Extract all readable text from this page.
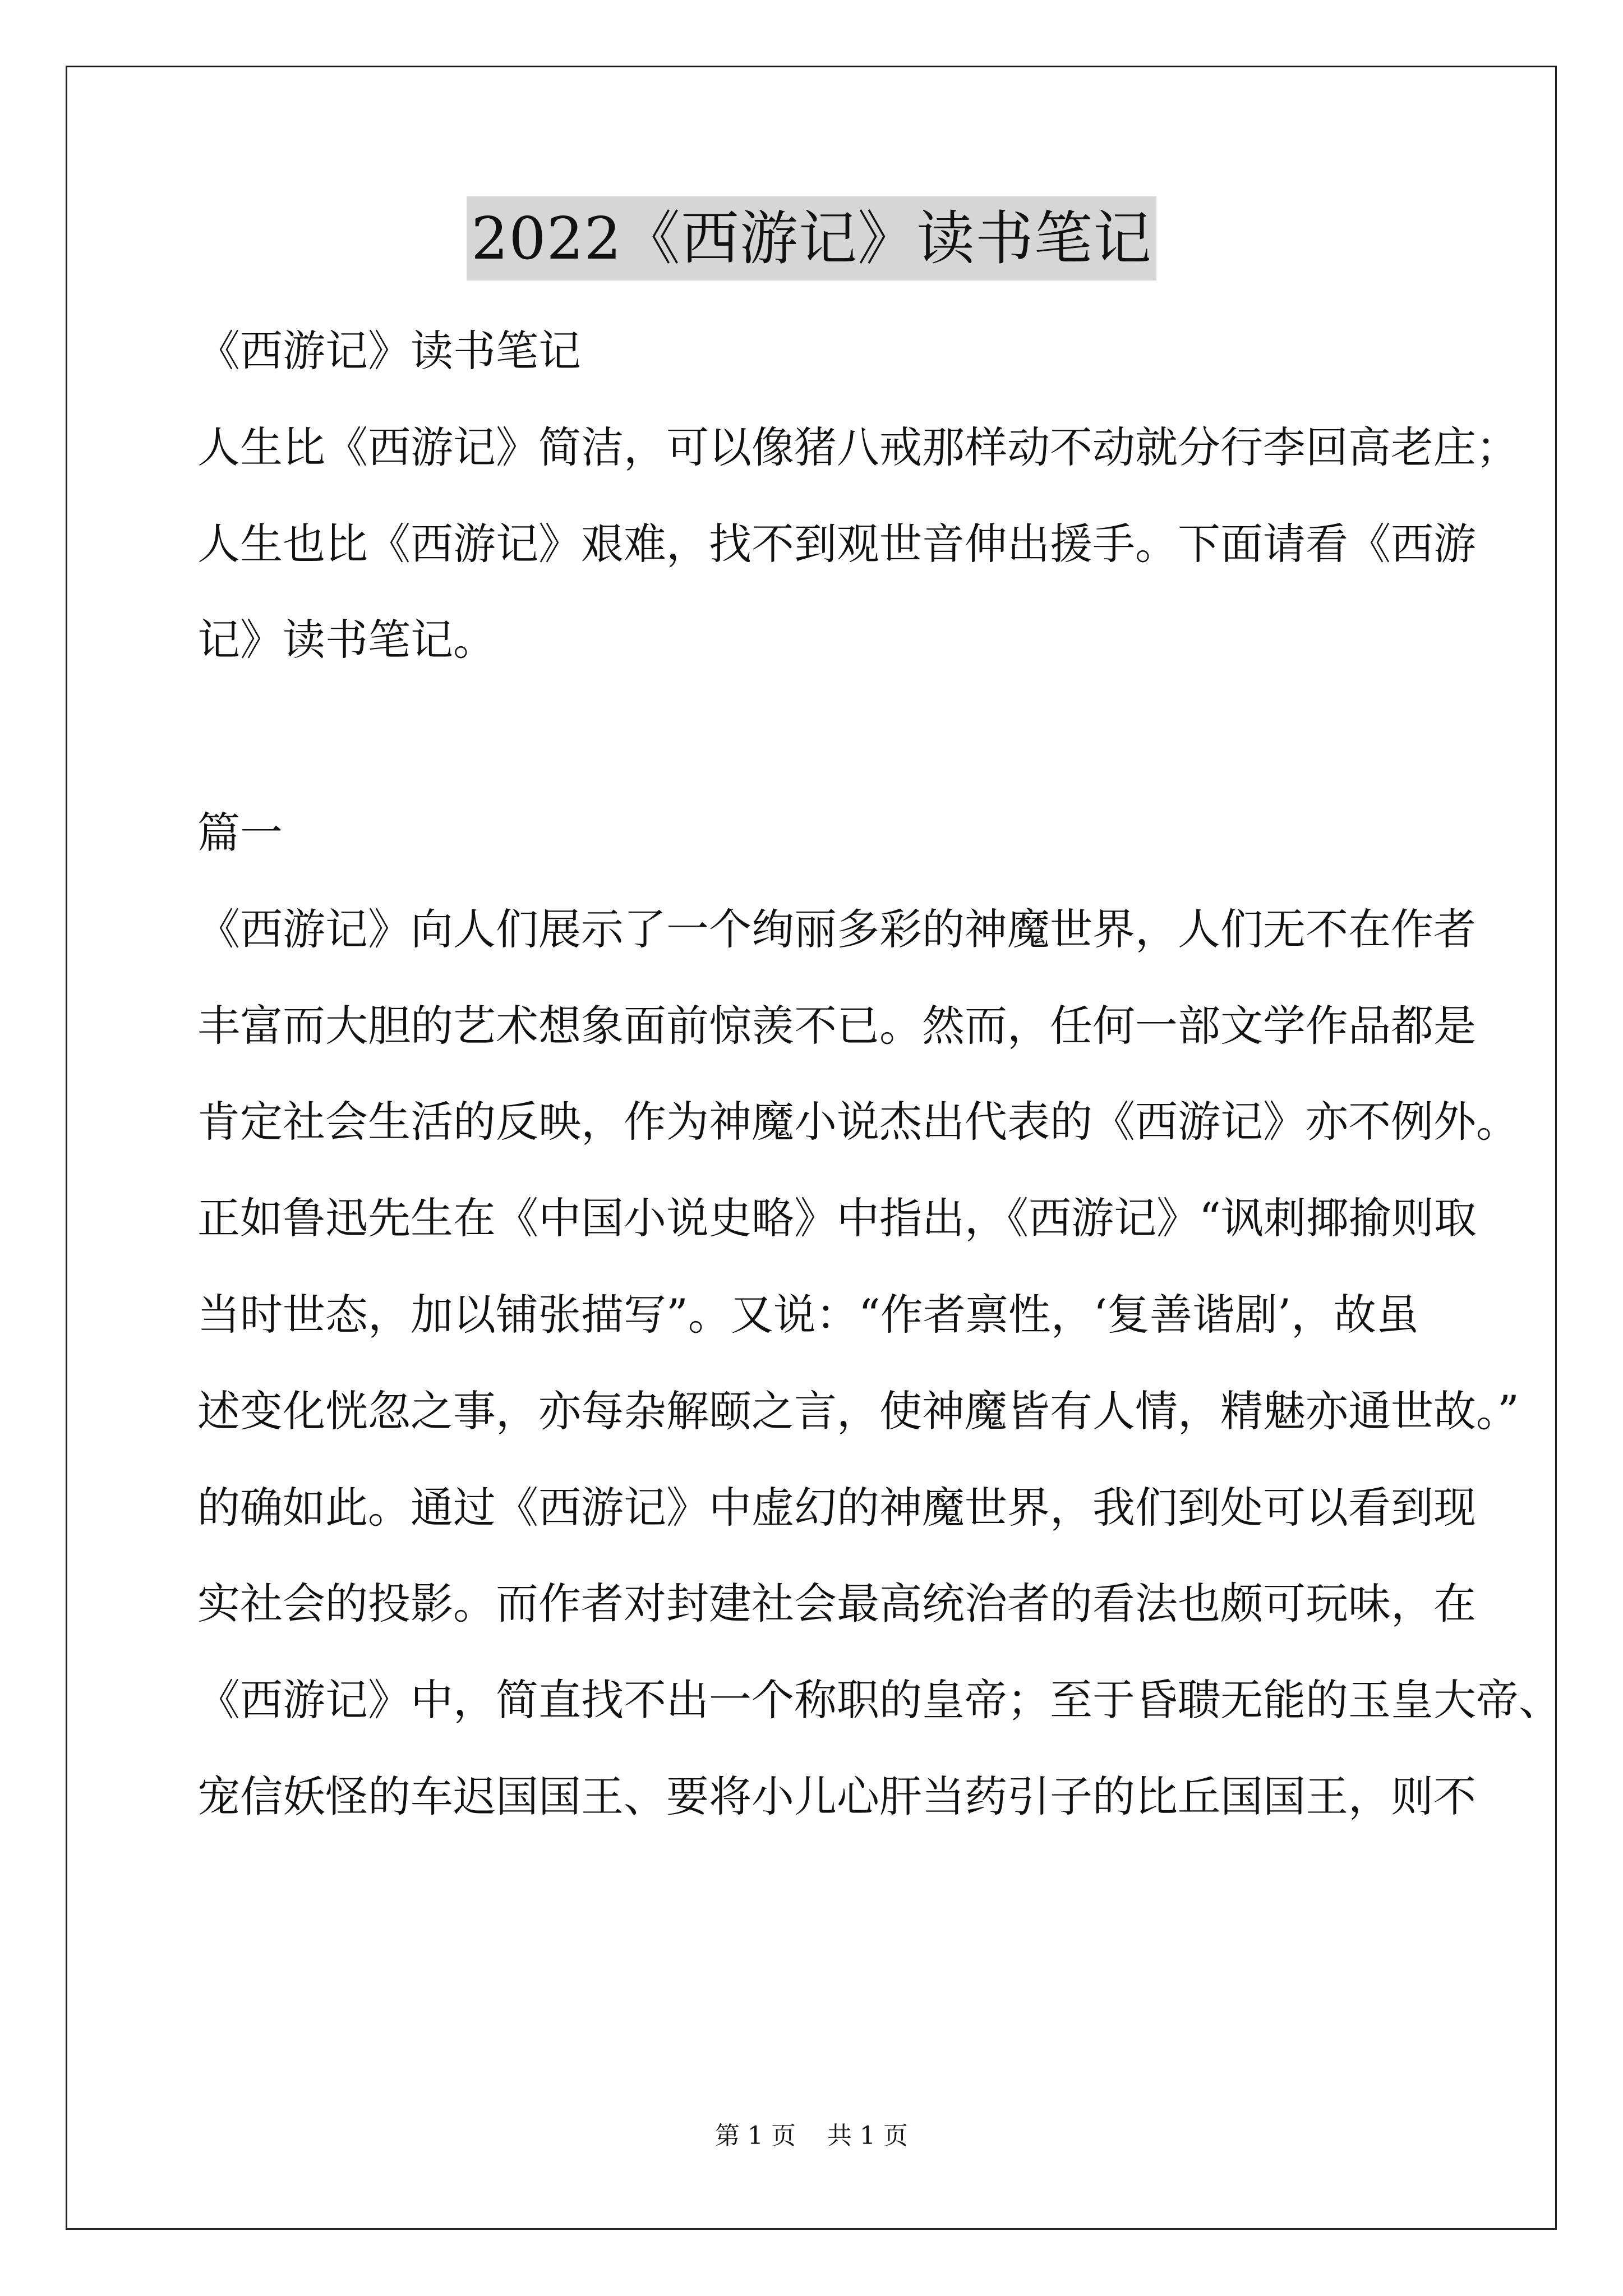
2022《西游记》读书笔记
《西游记》读书笔记
人生比《西游记》简洁，可以像猪八戒那样动不动就分行李回高老庄；
人生也比《西游记》艰难，找不到观世音伸出援手。下面请看《西游
记》读书笔记。
篇一
《西游记》向人们展示了一个绚丽多彩的神魔世界，人们无不在作者
丰富而大胆的艺术想象面前惊羡不已。然而，任何一部文学作品都是
肯定社会生活的反映，作为神魔小说杰出代表的《西游记》亦不例外。
正如鲁迅先生在《中国小说史略》中指出，《西游记》“讽刺揶揄则取
当时世态，加以铺张描写”。又说：“作者禀性，‘复善谐剧’，故虽
述变化恍忽之事，亦每杂解颐之言，使神魔皆有人情，精魅亦通世故。”
的确如此。通过《西游记》中虚幻的神魔世界，我们到处可以看到现
实社会的投影。而作者对封建社会最高统治者的看法也颇可玩味，在
《西游记》中，简直找不出一个称职的皇帝；至于昏聩无能的玉皇大帝、
宠信妖怪的车迟国国王、要将小儿心肝当药引子的比丘国国王，则不
第 1 页    共 1 页
